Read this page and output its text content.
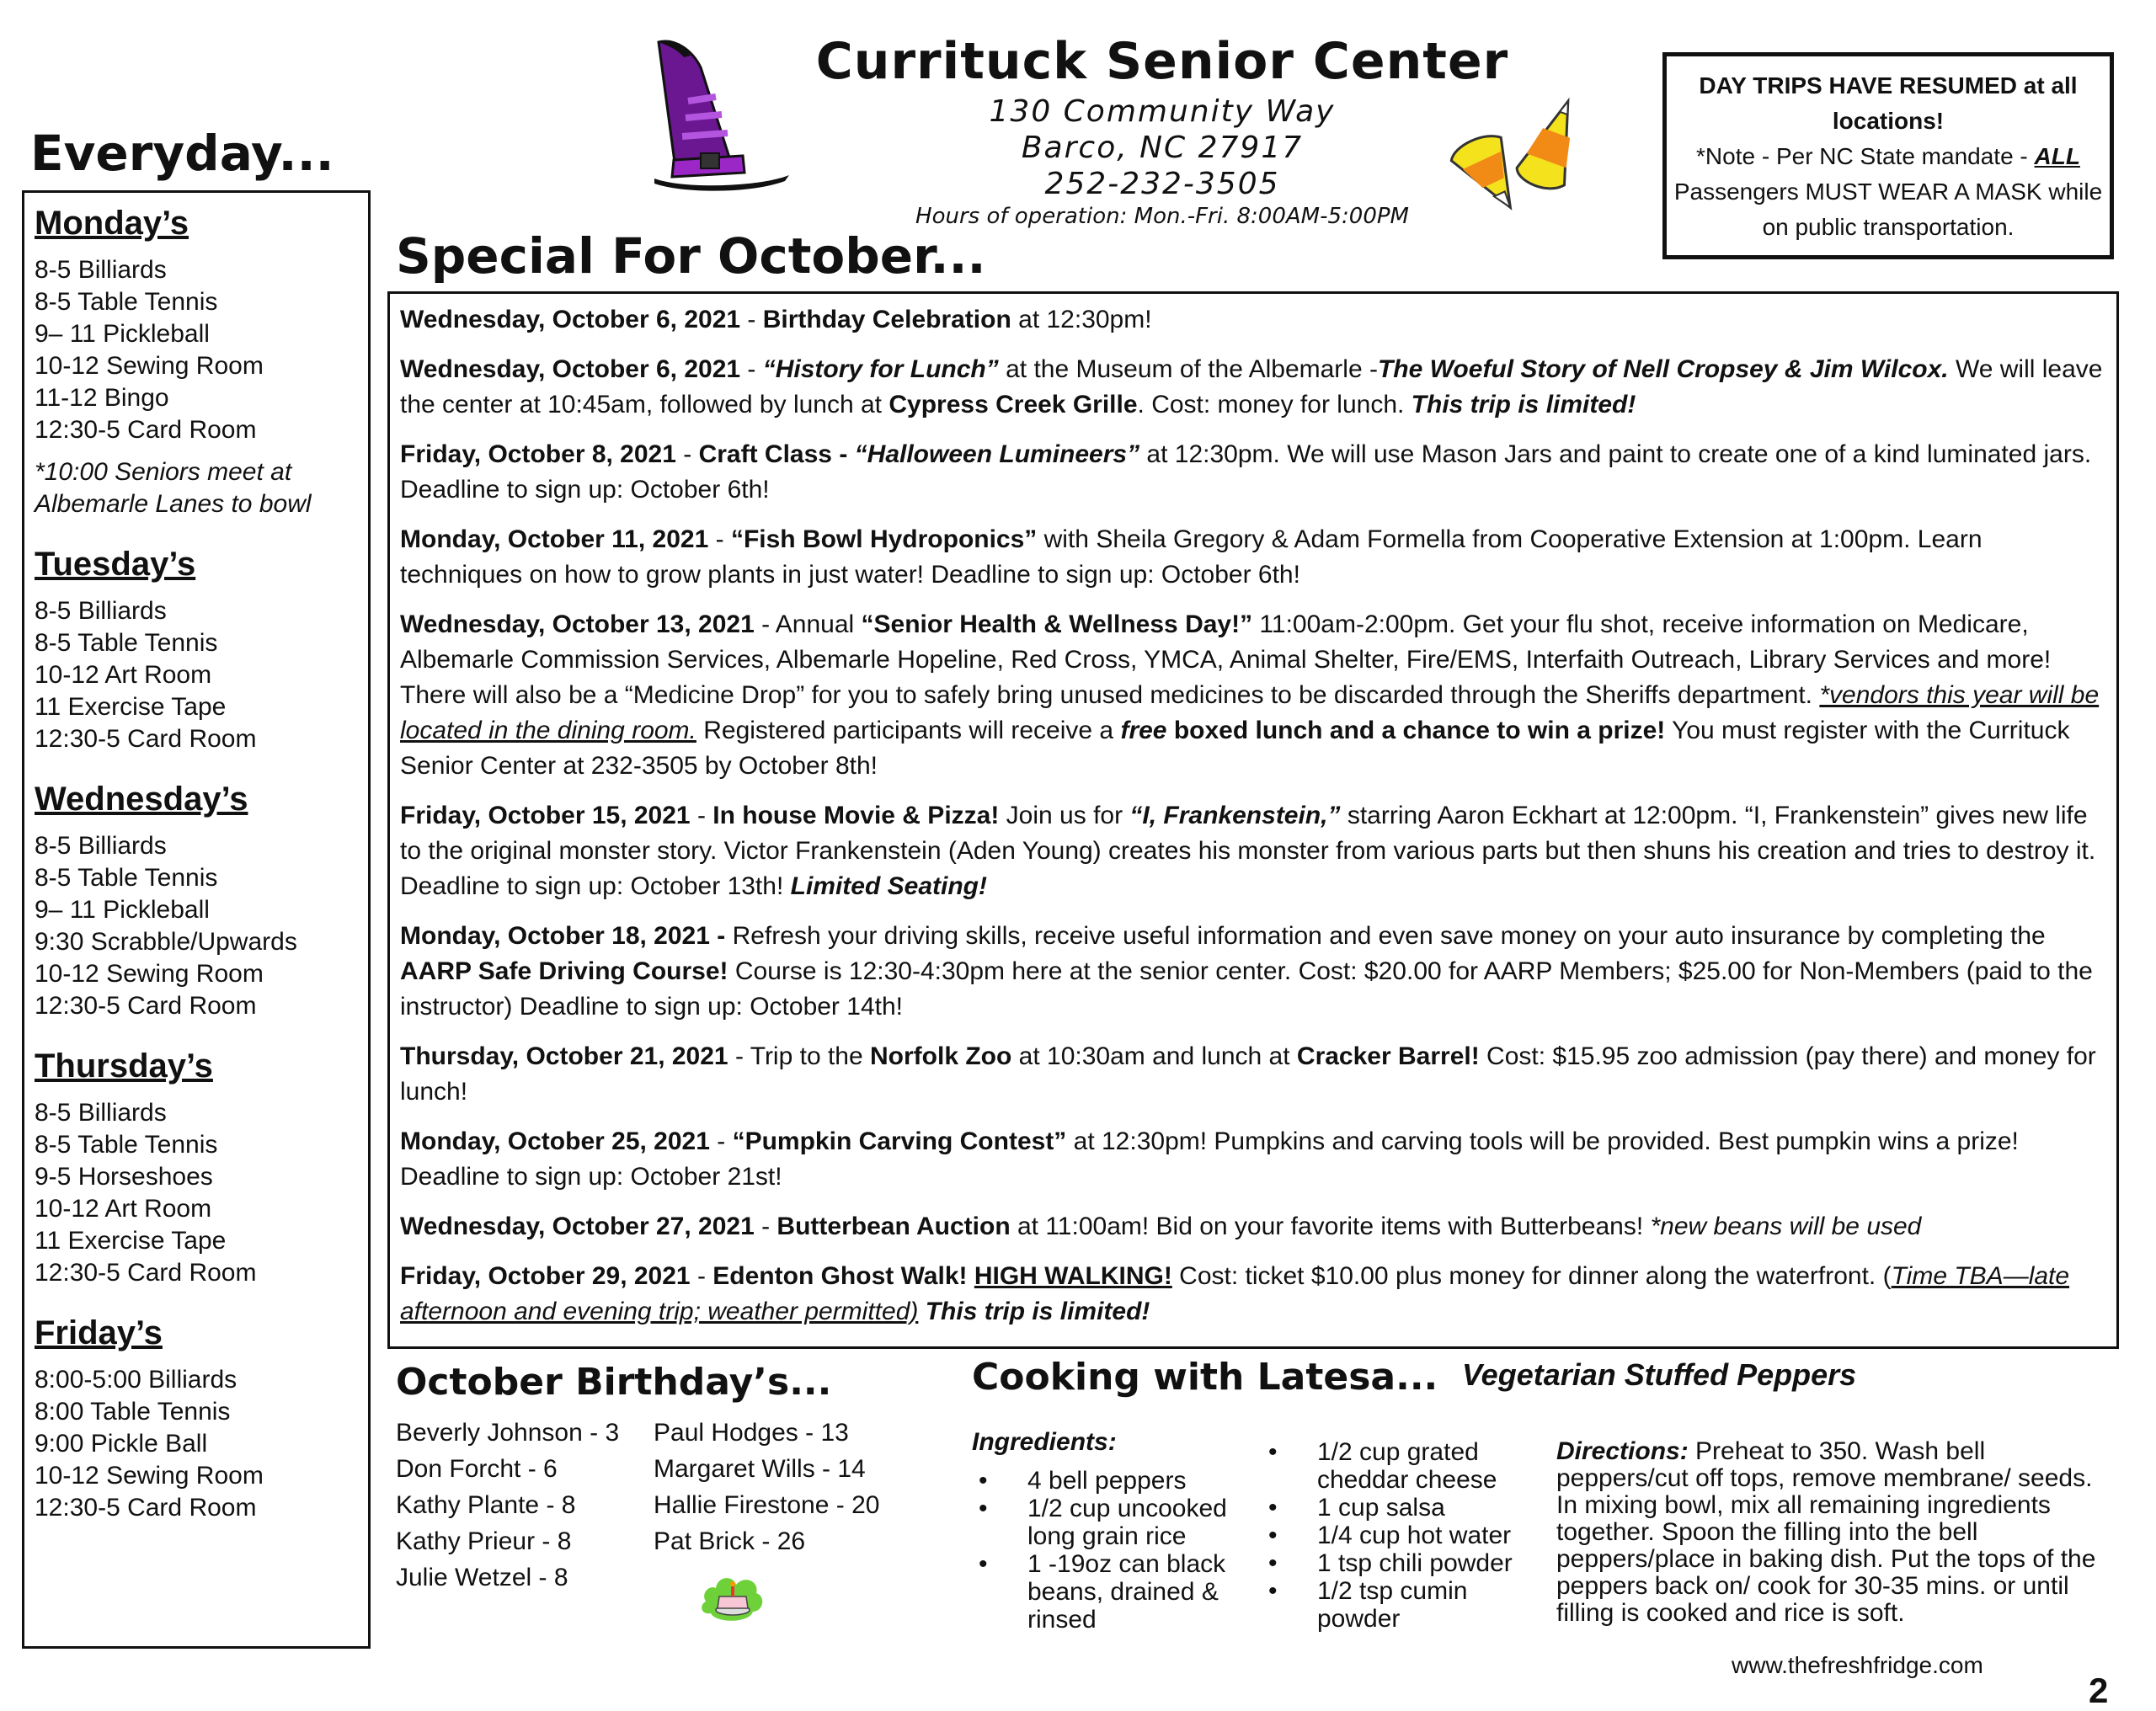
Currituck Senior Center
130 Community Way
Barco, NC 27917
252-232-3505
Hours of operation: Mon.-Fri. 8:00AM-5:00PM
DAY TRIPS HAVE RESUMED at all locations!
*Note - Per NC State mandate - ALL Passengers MUST WEAR A MASK while on public transportation.
Everyday...
Monday’s
8-5 Billiards
8-5 Table Tennis
9– 11 Pickleball
10-12 Sewing Room
11-12 Bingo
12:30-5 Card Room
*10:00 Seniors meet at Albemarle Lanes to bowl
Tuesday’s
8-5 Billiards
8-5 Table Tennis
10-12 Art Room
11 Exercise Tape
12:30-5 Card Room
Wednesday’s
8-5 Billiards
8-5 Table Tennis
9– 11 Pickleball
9:30 Scrabble/Upwards
10-12 Sewing Room
12:30-5 Card Room
Thursday’s
8-5 Billiards
8-5 Table Tennis
9-5 Horseshoes
10-12 Art Room
11 Exercise Tape
12:30-5 Card Room
Friday’s
8:00-5:00 Billiards
8:00 Table Tennis
9:00 Pickle Ball
10-12 Sewing Room
12:30-5 Card Room
Special For October...
Wednesday, October 6, 2021 - Birthday Celebration at 12:30pm!
Wednesday, October 6, 2021 - “History for Lunch” at the Museum of the Albemarle -The Woeful Story of Nell Cropsey & Jim Wilcox. We will leave the center at 10:45am, followed by lunch at Cypress Creek Grille. Cost: money for lunch. This trip is limited!
Friday, October 8, 2021 - Craft Class - “Halloween Lumineers” at 12:30pm. We will use Mason Jars and paint to create one of a kind luminated jars. Deadline to sign up: October 6th!
Monday, October 11, 2021 - “Fish Bowl Hydroponics” with Sheila Gregory & Adam Formella from Cooperative Extension at 1:00pm. Learn techniques on how to grow plants in just water! Deadline to sign up: October 6th!
Wednesday, October 13, 2021 - Annual “Senior Health & Wellness Day!” 11:00am-2:00pm. Get your flu shot, receive information on Medicare, Albemarle Commission Services, Albemarle Hopeline, Red Cross, YMCA, Animal Shelter, Fire/EMS, Interfaith Outreach, Library Services and more! There will also be a “Medicine Drop” for you to safely bring unused medicines to be discarded through the Sheriffs department. *vendors this year will be located in the dining room. Registered participants will receive a free boxed lunch and a chance to win a prize! You must register with the Currituck Senior Center at 232-3505 by October 8th!
Friday, October 15, 2021 - In house Movie & Pizza! Join us for “I, Frankenstein,” starring Aaron Eckhart at 12:00pm. “I, Frankenstein” gives new life to the original monster story. Victor Frankenstein (Aden Young) creates his monster from various parts but then shuns his creation and tries to destroy it. Deadline to sign up: October 13th! Limited Seating!
Monday, October 18, 2021 - Refresh your driving skills, receive useful information and even save money on your auto insurance by completing the AARP Safe Driving Course! Course is 12:30-4:30pm here at the senior center. Cost: $20.00 for AARP Members; $25.00 for Non-Members (paid to the instructor) Deadline to sign up: October 14th!
Thursday, October 21, 2021 - Trip to the Norfolk Zoo at 10:30am and lunch at Cracker Barrel! Cost: $15.95 zoo admission (pay there) and money for lunch!
Monday, October 25, 2021 - “Pumpkin Carving Contest” at 12:30pm! Pumpkins and carving tools will be provided. Best pumpkin wins a prize! Deadline to sign up: October 21st!
Wednesday, October 27, 2021 - Butterbean Auction at 11:00am! Bid on your favorite items with Butterbeans! *new beans will be used
Friday, October 29, 2021 - Edenton Ghost Walk! HIGH WALKING! Cost: ticket $10.00 plus money for dinner along the waterfront. (Time TBA—late afternoon and evening trip; weather permitted) This trip is limited!
October Birthday’s...
Beverly Johnson - 3
Don Forcht - 6
Kathy Plante - 8
Kathy Prieur - 8
Julie Wetzel - 8
Paul Hodges - 13
Margaret Wills - 14
Hallie Firestone - 20
Pat Brick - 26
Cooking with Latesa... Vegetarian Stuffed Peppers
Ingredients:
• 4 bell peppers
• 1/2 cup uncooked long grain rice
• 1 -19oz can black beans, drained & rinsed
• 1/2 cup grated cheddar cheese
• 1 cup salsa
• 1/4 cup hot water
• 1 tsp chili powder
• 1/2 tsp cumin powder
Directions: Preheat to 350. Wash bell peppers/cut off tops, remove membrane/ seeds. In mixing bowl, mix all remaining ingredients together. Spoon the filling into the bell peppers/place in baking dish. Put the tops of the peppers back on/ cook for 30-35 mins. or until filling is cooked and rice is soft.
www.thefreshfridge.com
2
